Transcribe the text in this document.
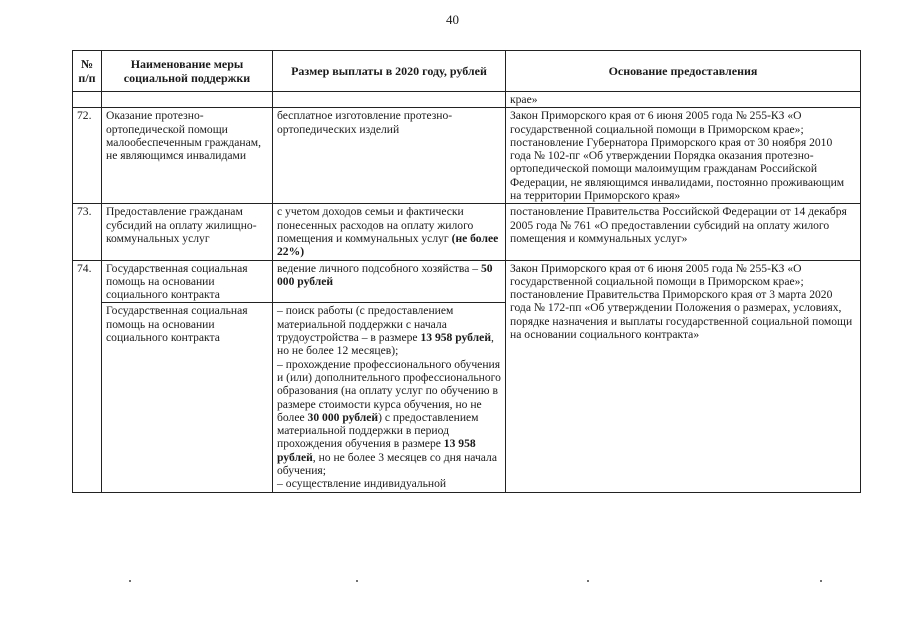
40
№ п/п	Наименование меры социальной поддержки	Размер выплаты в 2020 году, рублей	Основание предоставления
			крае»
72.	Оказание протезно-ортопедической помощи малообеспеченным гражданам, не являющимся инвалидами	бесплатное изготовление протезно-ортопедических изделий	Закон Приморского края от 6 июня 2005 года № 255-КЗ «О государственной социальной помощи в Приморском крае»; постановление Губернатора Приморского края от 30 ноября 2010 года № 102-пг «Об утверждении Порядка оказания протезно-ортопедической помощи малоимущим гражданам Российской Федерации, не являющимся инвалидами, постоянно проживающим на территории Приморского края»
73.	Предоставление гражданам субсидий на оплату жилищно-коммунальных услуг	с учетом доходов семьи и фактически понесенных расходов на оплату жилого помещения и коммунальных услуг (не более 22%)	постановление Правительства Российской Федерации от 14 декабря 2005 года № 761 «О предоставлении субсидий на оплату жилого помещения и коммунальных услуг»
74.	Государственная социальная помощь на основании социального контракта	ведение личного подсобного хозяйства – 50 000 рублей	Закон Приморского края от 6 июня 2005 года № 255-КЗ «О государственной социальной помощи в Приморском крае»; постановление Правительства Приморского края от 3 марта 2020 года № 172-пп «Об утверждении Положения о размерах, условиях, порядке назначения и выплаты государственной социальной помощи на основании социального контракта»
	Государственная социальная помощь на основании социального контракта	– поиск работы (с предоставлением материальной поддержки с начала трудоустройства – в размере 13 958 рублей, но не более 12 месяцев);
– прохождение профессионального обучения и (или) дополнительного профессионального образования (на оплату услуг по обучению в размере стоимости курса обучения, но не более 30 000 рублей) с предоставлением материальной поддержки в период прохождения обучения в размере 13 958 рублей, но не более 3 месяцев со дня начала обучения;
– осуществление индивидуальной	
